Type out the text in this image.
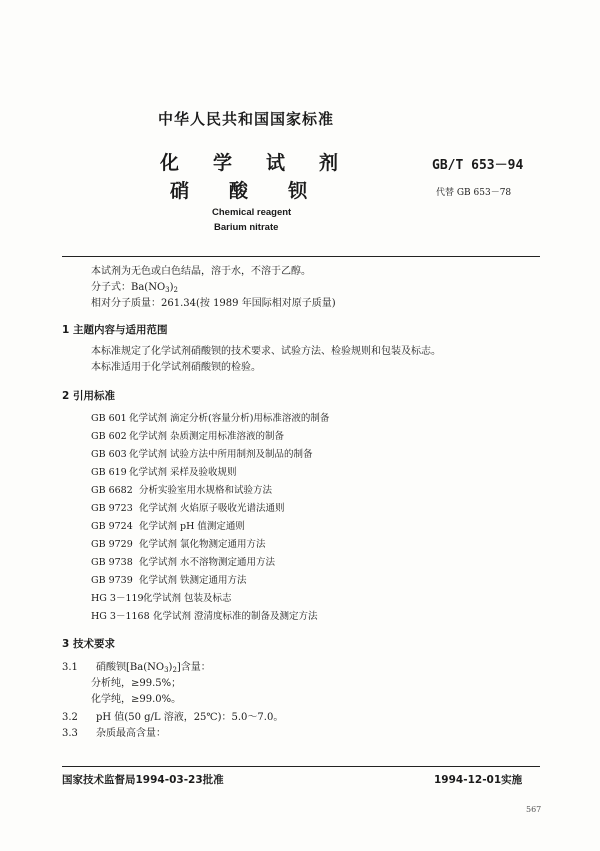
中华人民共和国国家标准
化学试剂
硝酸钡
GB/T 653－94
代替 GB 653－78
Chemical reagent
Barium nitrate
本试剂为无色或白色结晶，溶于水，不溶于乙醇。
分子式：$Ba(NO_3)_2$
相对分子质量：261.34(按 1989 年国际相对原子质量)
1 主题内容与适用范围
本标准规定了化学试剂硝酸钡的技术要求、试验方法、检验规则和包装及标志。
本标准适用于化学试剂硝酸钡的检验。
2 引用标准
GB 601 化学试剂 滴定分析(容量分析)用标准溶液的制备
GB 602 化学试剂 杂质测定用标准溶液的制备
GB 603 化学试剂 试验方法中所用制剂及制品的制备
GB 619 化学试剂 采样及验收规则
GB 6682 分析实验室用水规格和试验方法
GB 9723 化学试剂 火焰原子吸收光谱法通则
GB 9724 化学试剂 pH 值测定通则
GB 9729 化学试剂 氯化物测定通用方法
GB 9738 化学试剂 水不溶物测定通用方法
GB 9739 化学试剂 铁测定通用方法
HG 3－119化学试剂 包装及标志
HG 3－1168 化学试剂 澄清度标准的制备及测定方法
3 技术要求
3.1 硝酸钡$[Ba(NO_3)_2]$含量：
分析纯，≥99.5%；
化学纯，≥99.0%。
3.2 pH 值(50 g/L 溶液，25℃)：5.0～7.0。
3.3 杂质最高含量：
国家技术监督局1994-03-23批准	1994-12-01实施
567
